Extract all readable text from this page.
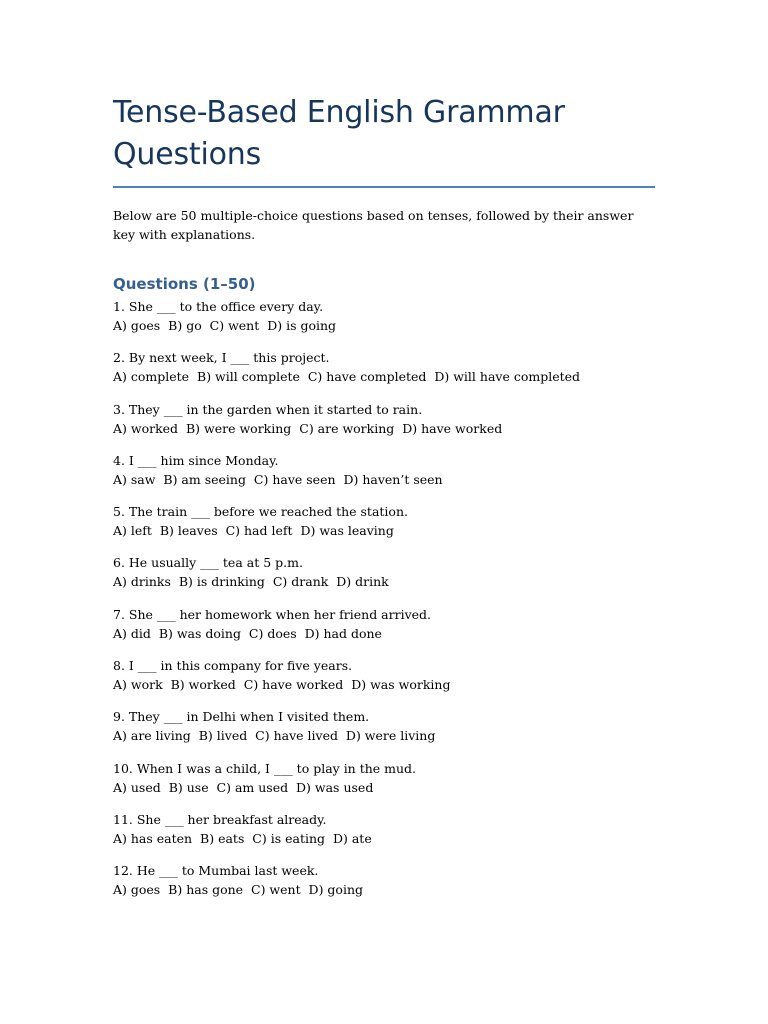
Tense-Based English Grammar Questions

Below are 50 multiple-choice questions based on tenses, followed by their answer key with explanations.

Questions (1–50)
1. She ___ to the office every day.
A) goes  B) go  C) went  D) is going
2. By next week, I ___ this project.
A) complete  B) will complete  C) have completed  D) will have completed
3. They ___ in the garden when it started to rain.
A) worked  B) were working  C) are working  D) have worked
4. I ___ him since Monday.
A) saw  B) am seeing  C) have seen  D) haven’t seen
5. The train ___ before we reached the station.
A) left  B) leaves  C) had left  D) was leaving
6. He usually ___ tea at 5 p.m.
A) drinks  B) is drinking  C) drank  D) drink
7. She ___ her homework when her friend arrived.
A) did  B) was doing  C) does  D) had done
8. I ___ in this company for five years.
A) work  B) worked  C) have worked  D) was working
9. They ___ in Delhi when I visited them.
A) are living  B) lived  C) have lived  D) were living
10. When I was a child, I ___ to play in the mud.
A) used  B) use  C) am used  D) was used
11. She ___ her breakfast already.
A) has eaten  B) eats  C) is eating  D) ate
12. He ___ to Mumbai last week.
A) goes  B) has gone  C) went  D) going
